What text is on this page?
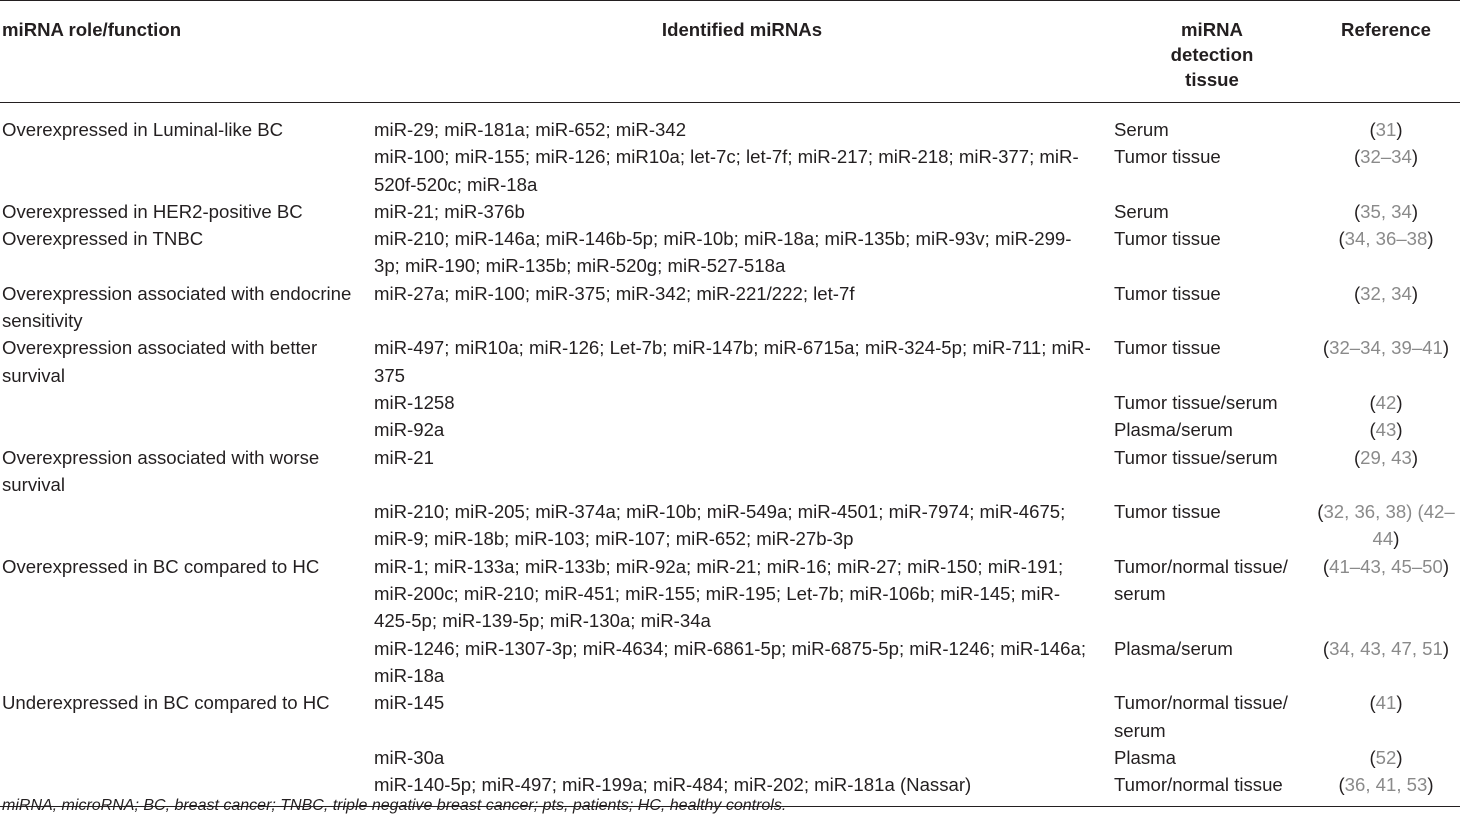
miRNA role/function	Identified miRNAs	miRNA detection tissue	Reference
Overexpressed in Luminal-like BC	miR-29; miR-181a; miR-652; miR-342	Serum	(31)
	miR-100; miR-155; miR-126; miR10a; let-7c; let-7f; miR-217; miR-218; miR-377; miR-520f-520c; miR-18a	Tumor tissue	(32–34)
Overexpressed in HER2-positive BC	miR-21; miR-376b	Serum	(35, 34)
Overexpressed in TNBC	miR-210; miR-146a; miR-146b-5p; miR-10b; miR-18a; miR-135b; miR-93v; miR-299-3p; miR-190; miR-135b; miR-520g; miR-527-518a	Tumor tissue	(34, 36–38)
Overexpression associated with endocrine sensitivity	miR-27a; miR-100; miR-375; miR-342; miR-221/222; let-7f	Tumor tissue	(32, 34)
Overexpression associated with better survival	miR-497; miR10a; miR-126; Let-7b; miR-147b; miR-6715a; miR-324-5p; miR-711; miR-375	Tumor tissue	(32–34, 39–41)
	miR-1258	Tumor tissue/serum	(42)
	miR-92a	Plasma/serum	(43)
Overexpression associated with worse survival	miR-21	Tumor tissue/serum	(29, 43)
	miR-210; miR-205; miR-374a; miR-10b; miR-549a; miR-4501; miR-7974; miR-4675; miR-9; miR-18b; miR-103; miR-107; miR-652; miR-27b-3p	Tumor tissue	(32, 36, 38) (42–44)
Overexpressed in BC compared to HC	miR-1; miR-133a; miR-133b; miR-92a; miR-21; miR-16; miR-27; miR-150; miR-191; miR-200c; miR-210; miR-451; miR-155; miR-195; Let-7b; miR-106b; miR-145; miR-425-5p; miR-139-5p; miR-130a; miR-34a	Tumor/normal tissue/ serum	(41–43, 45–50)
	miR-1246; miR-1307-3p; miR-4634; miR-6861-5p; miR-6875-5p; miR-1246; miR-146a; miR-18a	Plasma/serum	(34, 43, 47, 51)
Underexpressed in BC compared to HC	miR-145	Tumor/normal tissue/ serum	(41)
	miR-30a	Plasma	(52)
	miR-140-5p; miR-497; miR-199a; miR-484; miR-202; miR-181a (Nassar)	Tumor/normal tissue	(36, 41, 53)
miRNA, microRNA; BC, breast cancer; TNBC, triple negative breast cancer; pts, patients; HC, healthy controls.
